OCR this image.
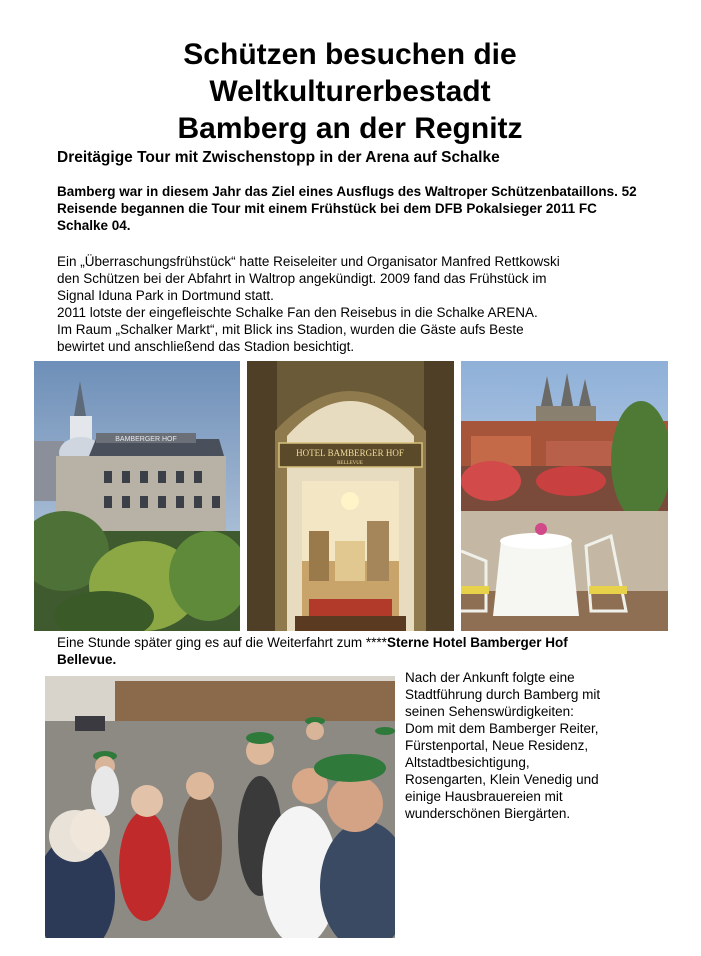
Schützen besuchen die
Weltkulturerbestadt
Bamberg an der Regnitz

Dreitägige Tour mit Zwischenstopp in der Arena auf Schalke

Bamberg war in diesem Jahr das Ziel eines Ausflugs des Waltroper Schützenbataillons. 52 Reisende begannen die Tour mit einem Frühstück bei dem DFB Pokalsieger 2011 FC Schalke 04.

Ein „Überraschungsfrühstück“ hatte Reiseleiter und Organisator Manfred Rettkowski
den Schützen bei der Abfahrt in Waltrop angekündigt. 2009 fand das Frühstück im
Signal Iduna Park in Dortmund statt.
2011 lotste der eingefleischte Schalke Fan den Reisebus in die Schalke ARENA.
Im Raum „Schalker Markt“, mit Blick ins Stadion, wurden die Gäste aufs Beste
bewirtet und anschließend das Stadion besichtigt.

BAMBERGER HOF
HOTEL BAMBERGER HOF
BELLEVUE

Eine Stunde später ging es auf die Weiterfahrt zum ****Sterne Hotel Bamberger Hof Bellevue.

Nach der Ankunft folgte eine
Stadtführung durch Bamberg mit
seinen Sehenswürdigkeiten:
Dom mit dem Bamberger Reiter,
Fürstenportal, Neue Residenz,
Altstadtbesichtigung,
Rosengarten, Klein Venedig und
einige Hausbrauereien mit
wunderschönen Biergärten.
